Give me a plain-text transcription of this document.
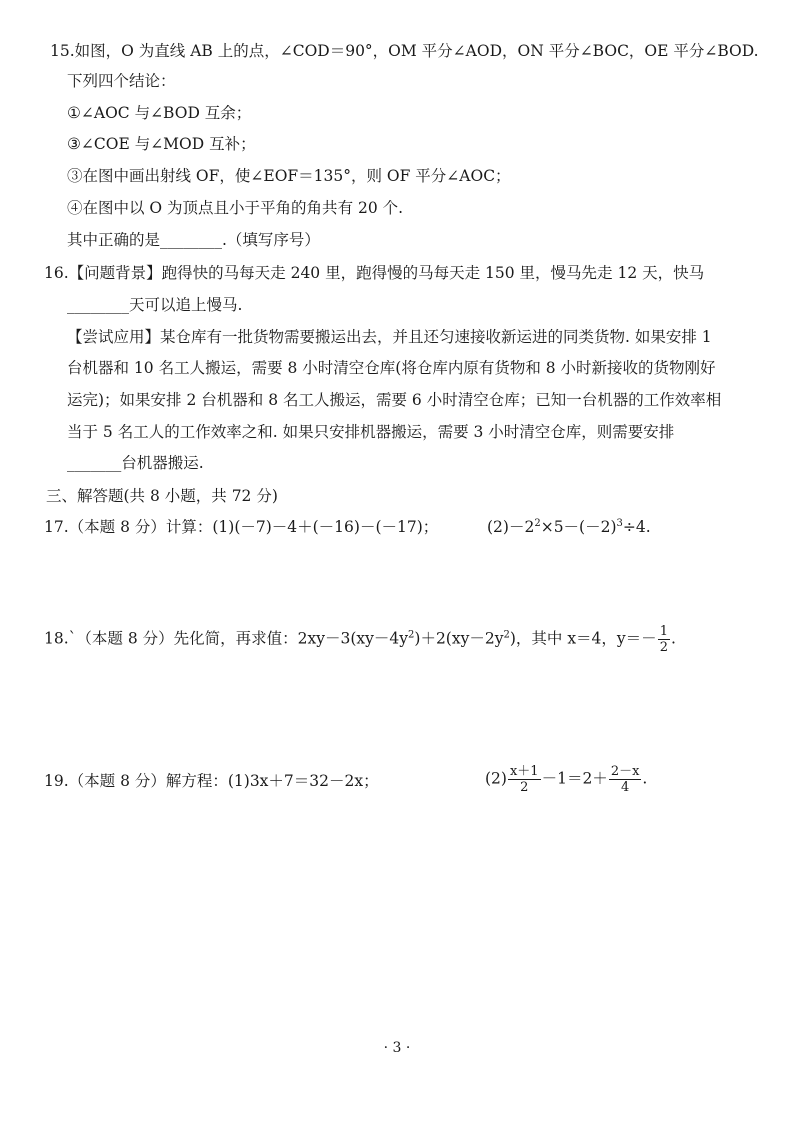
15.如图，O 为直线 AB 上的点，∠COD＝90°，OM 平分∠AOD，ON 平分∠BOC，OE 平分∠BOD.
下列四个结论：
①∠AOC 与∠BOD 互余；
③∠COE 与∠MOD 互补；
③在图中画出射线 OF，使∠EOF＝135°，则 OF 平分∠AOC；
④在图中以 O 为顶点且小于平角的角共有 20 个.
其中正确的是________.（填写序号）
16.【问题背景】跑得快的马每天走 240 里，跑得慢的马每天走 150 里，慢马先走 12 天，快马
________天可以追上慢马.
【尝试应用】某仓库有一批货物需要搬运出去，并且还匀速接收新运进的同类货物. 如果安排 1
台机器和 10 名工人搬运，需要 8 小时清空仓库(将仓库内原有货物和 8 小时新接收的货物刚好
运完)；如果安排 2 台机器和 8 名工人搬运，需要 6 小时清空仓库；已知一台机器的工作效率相
当于 5 名工人的工作效率之和. 如果只安排机器搬运，需要 3 小时清空仓库，则需要安排
_______台机器搬运.
三、解答题(共 8 小题，共 72 分)
17.（本题 8 分）计算：(1)(－7)－4＋(－16)－(－17)；	$(2)-2^2\times 5-(-2)^3\div 4$.
18.`（本题 8 分）先化简，再求值：$2xy-3(xy-4y^2)+2(xy-2y^2)$，其中 x＝4，$y=- \frac{1}{2}$ .
19.（本题 8 分）解方程：(1)3x＋7＝32－2x；	$(2) \frac{x+1}{2} -1=2+ \frac{2-x}{4}$ .
· 3 ·
